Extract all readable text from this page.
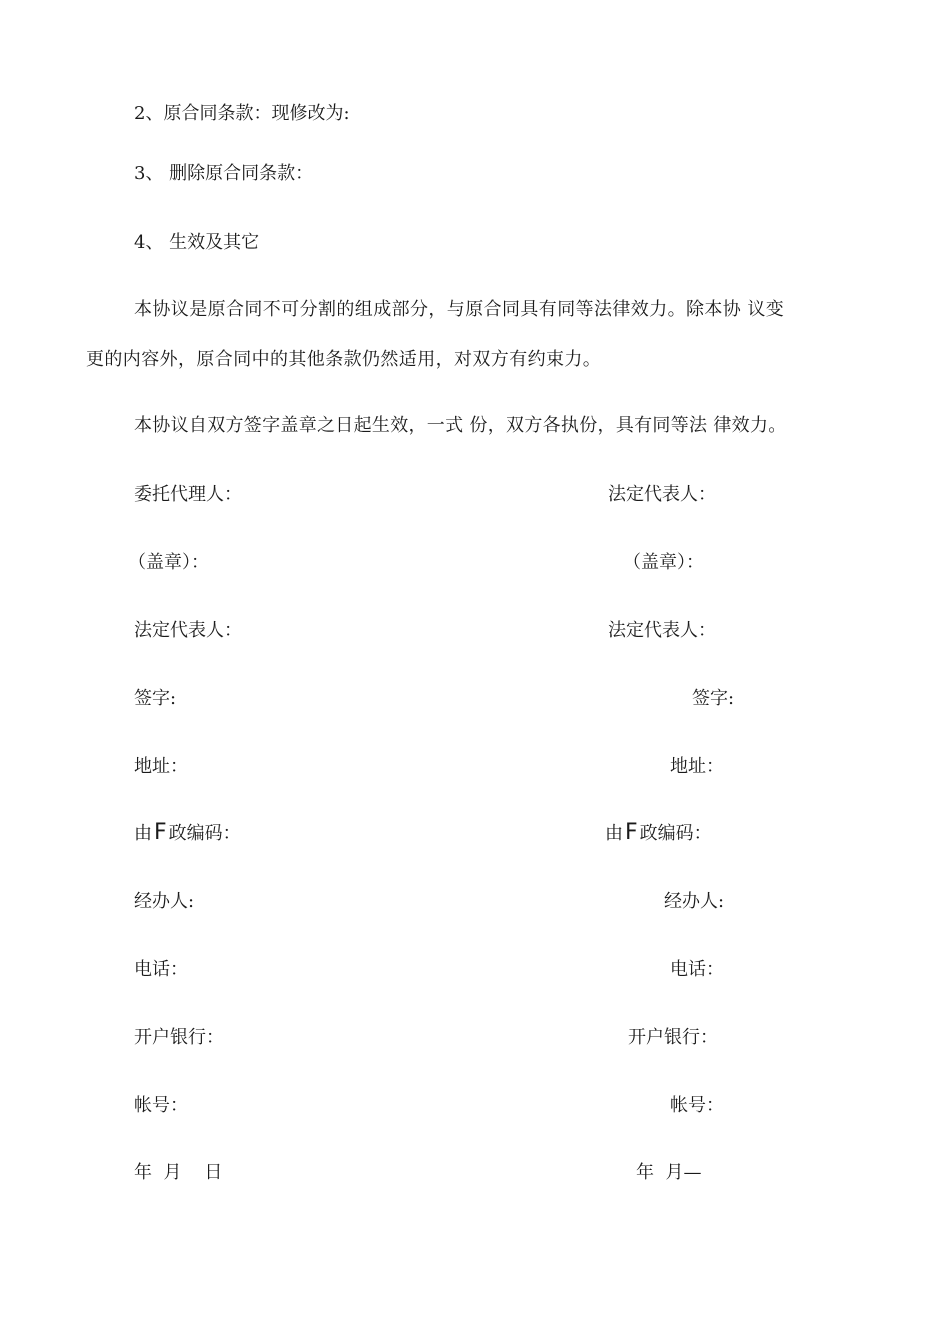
2、原合同条款：现修改为:
3、 删除原合同条款：
4、 生效及其它
本协议是原合同不可分割的组成部分，与原合同具有同等法律效力。除本协 议变
更的内容外，原合同中的其他条款仍然适用，对双方有约束力。
本协议自双方签字盖章之日起生效，一式 份，双方各执份，具有同等法 律效力。
委托代理人：
（盖章）：
法定代表人：
签字:
地址：
由F 政编码：
经办人:
电话：
开户银行：
帐号：
年  月    日
法定代表人：
（盖章）：
法定代表人：
签字:
地址：
由F 政编码：
经办人:
电话：
开户银行：
帐号：
年  月—
